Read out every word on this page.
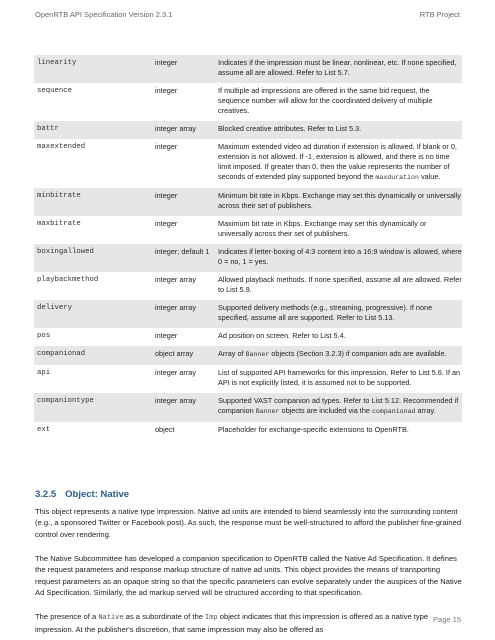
OpenRTB API Specification Version 2.3.1	RTB Project
linearity	integer	Indicates if the impression must be linear, nonlinear, etc. If none specified, assume all are allowed. Refer to List 5.7.
sequence	integer	If multiple ad impressions are offered in the same bid request, the sequence number will allow for the coordinated delivery of multiple creatives.
battr	integer array	Blocked creative attributes. Refer to List 5.3.
maxextended	integer	Maximum extended video ad duration if extension is allowed. If blank or 0, extension is not allowed. If -1, extension is allowed, and there is no time limit imposed. If greater than 0, then the value represents the number of seconds of extended play supported beyond the maxduration value.
minbitrate	integer	Minimum bit rate in Kbps. Exchange may set this dynamically or universally across their set of publishers.
maxbitrate	integer	Maximum bit rate in Kbps. Exchange may set this dynamically or universally across their set of publishers.
boxingallowed	integer; default 1	Indicates if letter-boxing of 4:3 content into a 16:9 window is allowed, where 0 = no, 1 = yes.
playbackmethod	integer array	Allowed playback methods. If none specified, assume all are allowed. Refer to List 5.9.
delivery	integer array	Supported delivery methods (e.g., streaming, progressive). If none specified, assume all are supported. Refer to List 5.13.
pos	integer	Ad position on screen. Refer to List 5.4.
companionad	object array	Array of Banner objects (Section 3.2.3) if companion ads are available.
api	integer array	List of supported API frameworks for this impression. Refer to List 5.6. If an API is not explicitly listed, it is assumed not to be supported.
companiontype	integer array	Supported VAST companion ad types. Refer to List 5.12. Recommended if companion Banner objects are included via the companionad array.
ext	object	Placeholder for exchange-specific extensions to OpenRTB.
3.2.5 Object: Native

This object represents a native type impression. Native ad units are intended to blend seamlessly into the surrounding content (e.g., a sponsored Twitter or Facebook post). As such, the response must be well-structured to afford the publisher fine-grained control over rendering.

The Native Subcommittee has developed a companion specification to OpenRTB called the Native Ad Specification. It defines the request parameters and response markup structure of native ad units. This object provides the means of transporting request parameters as an opaque string so that the specific parameters can evolve separately under the auspices of the Native Ad Specification. Similarly, the ad markup served will be structured according to that specification.

The presence of a Native as a subordinate of the Imp object indicates that this impression is offered as a native type impression. At the publisher's discretion, that same impression may also be offered as

Page 15
